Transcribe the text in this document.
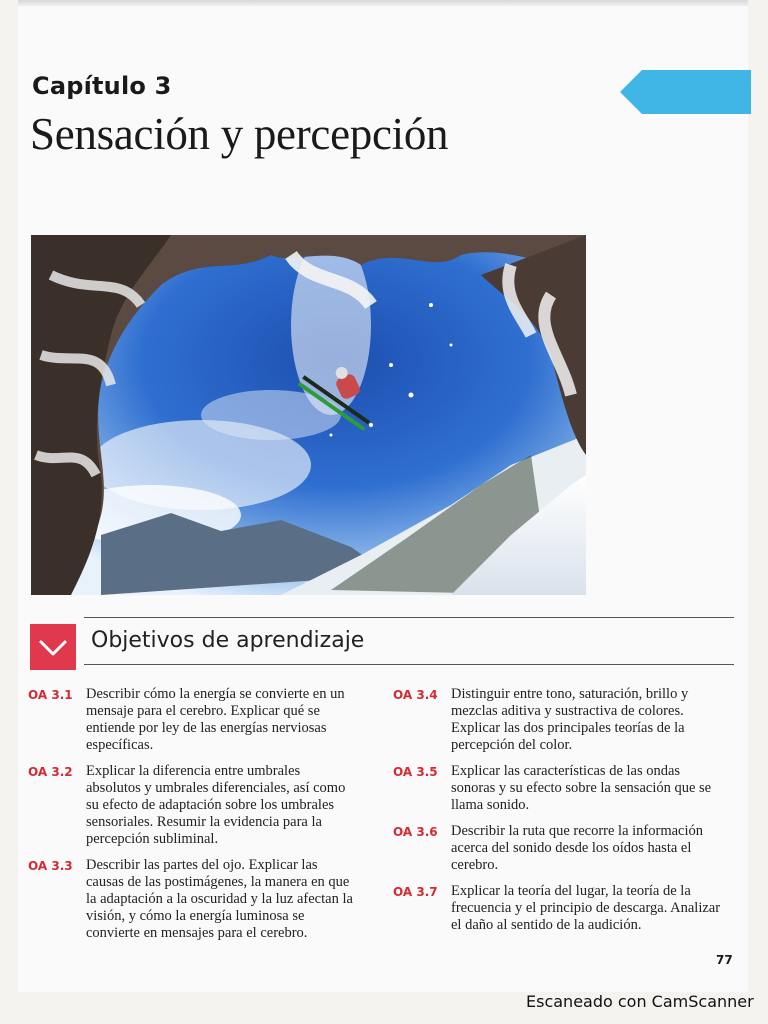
Capítulo 3
Sensación y percepción
Objetivos de aprendizaje
OA 3.1 Describir cómo la energía se convierte en un mensaje para el cerebro. Explicar qué se entiende por ley de las energías nerviosas específicas.
OA 3.2 Explicar la diferencia entre umbrales absolutos y umbrales diferenciales, así como su efecto de adaptación sobre los umbrales sensoriales. Resumir la evidencia para la percepción subliminal.
OA 3.3 Describir las partes del ojo. Explicar las causas de las postimágenes, la manera en que la adaptación a la oscuridad y la luz afectan la visión, y cómo la energía luminosa se convierte en mensajes para el cerebro.
OA 3.4 Distinguir entre tono, saturación, brillo y mezclas aditiva y sustractiva de colores. Explicar las dos principales teorías de la percepción del color.
OA 3.5 Explicar las características de las ondas sonoras y su efecto sobre la sensación que se llama sonido.
OA 3.6 Describir la ruta que recorre la información acerca del sonido desde los oídos hasta el cerebro.
OA 3.7 Explicar la teoría del lugar, la teoría de la frecuencia y el principio de descarga. Analizar el daño al sentido de la audición.
77
Escaneado con CamScanner
